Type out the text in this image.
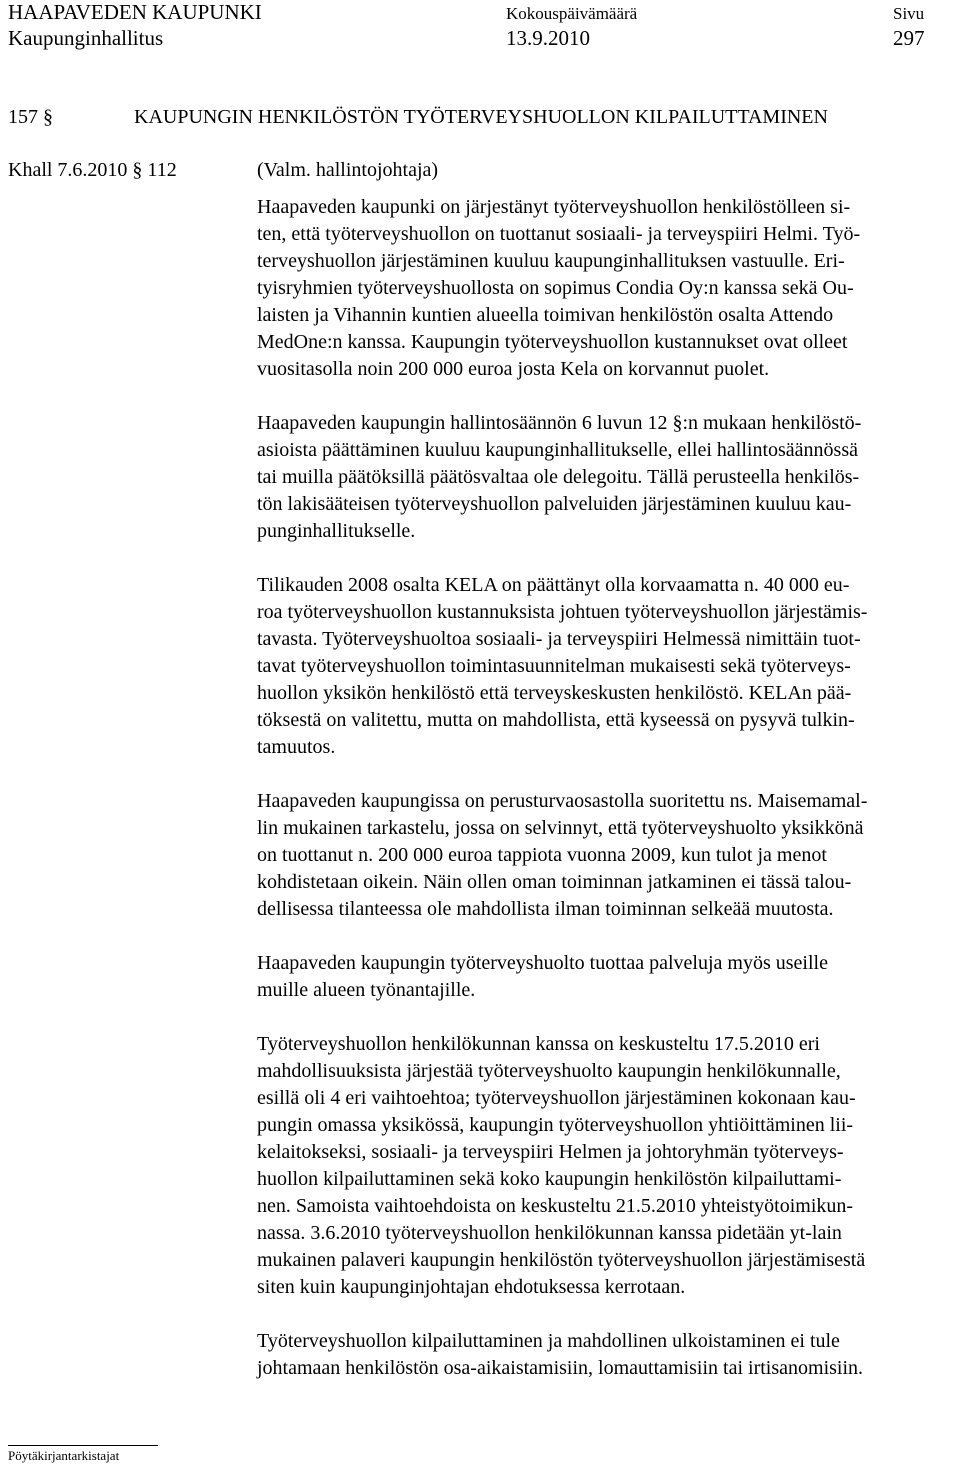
HAAPAVEDEN KAUPUNKI
Kaupunginhallitus
Kokouspäivämäärä
13.9.2010
Sivu
297
157 §	KAUPUNGIN HENKILÖSTÖN TYÖTERVEYSHUOLLON KILPAILUTTAMINEN
Khall 7.6.2010 § 112	(Valm. hallintojohtaja)

Haapaveden kaupunki on järjestänyt työterveyshuollon henkilöstölleen si-
ten, että työterveyshuollon on tuottanut sosiaali- ja terveyspiiri Helmi. Työ-
terveyshuollon järjestäminen kuuluu kaupunginhallituksen vastuulle. Eri-
tyisryhmien työterveyshuollosta on sopimus Condia Oy:n kanssa sekä Ou-
laisten ja Vihannin kuntien alueella toimivan henkilöstön osalta Attendo
MedOne:n kanssa. Kaupungin työterveyshuollon kustannukset ovat olleet
vuositasolla noin 200 000 euroa josta Kela on korvannut puolet.

Haapaveden kaupungin hallintosäännön 6 luvun 12 §:n mukaan henkilöstö-
asioista päättäminen kuuluu kaupunginhallitukselle, ellei hallintosäännössä
tai muilla päätöksillä päätösvaltaa ole delegoitu. Tällä perusteella henkilös-
tön lakisääteisen työterveyshuollon palveluiden järjestäminen kuuluu kau-
punginhallitukselle.

Tilikauden 2008 osalta KELA on päättänyt olla korvaamatta n. 40 000 eu-
roa työterveyshuollon kustannuksista johtuen työterveyshuollon järjestämis-
tavasta. Työterveyshuoltoa sosiaali- ja terveyspiiri Helmessä nimittäin tuot-
tavat työterveyshuollon toimintasuunnitelman mukaisesti sekä työterveys-
huollon yksikön henkilöstö että terveyskeskusten henkilöstö. KELAn pää-
töksestä on valitettu, mutta on mahdollista, että kyseessä on pysyvä tulkin-
tamuutos.

Haapaveden kaupungissa on perusturvaosastolla suoritettu ns. Maisemamal-
lin mukainen tarkastelu, jossa on selvinnyt, että työterveyshuolto yksikkönä
on tuottanut n. 200 000 euroa tappiota vuonna 2009, kun tulot ja menot
kohdistetaan oikein. Näin ollen oman toiminnan jatkaminen ei tässä talou-
dellisessa tilanteessa ole mahdollista ilman toiminnan selkeää muutosta.

Haapaveden kaupungin työterveyshuolto tuottaa palveluja myös useille
muille alueen työnantajille.

Työterveyshuollon henkilökunnan kanssa on keskusteltu 17.5.2010 eri
mahdollisuuksista järjestää työterveyshuolto kaupungin henkilökunnalle,
esillä oli 4 eri vaihtoehtoa; työterveyshuollon järjestäminen kokonaan kau-
pungin omassa yksikössä, kaupungin työterveyshuollon yhtiöittäminen lii-
kelaitokseksi, sosiaali- ja terveyspiiri Helmen ja johtoryhmän työterveys-
huollon kilpailuttaminen sekä koko kaupungin henkilöstön kilpailuttami-
nen. Samoista vaihtoehdoista on keskusteltu 21.5.2010 yhteistyötoimikun-
nassa. 3.6.2010 työterveyshuollon henkilökunnan kanssa pidetään yt-lain
mukainen palaveri kaupungin henkilöstön työterveyshuollon järjestämisestä
siten kuin kaupunginjohtajan ehdotuksessa kerrotaan.

Työterveyshuollon kilpailuttaminen ja mahdollinen ulkoistaminen ei tule
johtamaan henkilöstön osa-aikaistamisiin, lomauttamisiin tai irtisanomisiin.

Pöytäkirjantarkistajat
